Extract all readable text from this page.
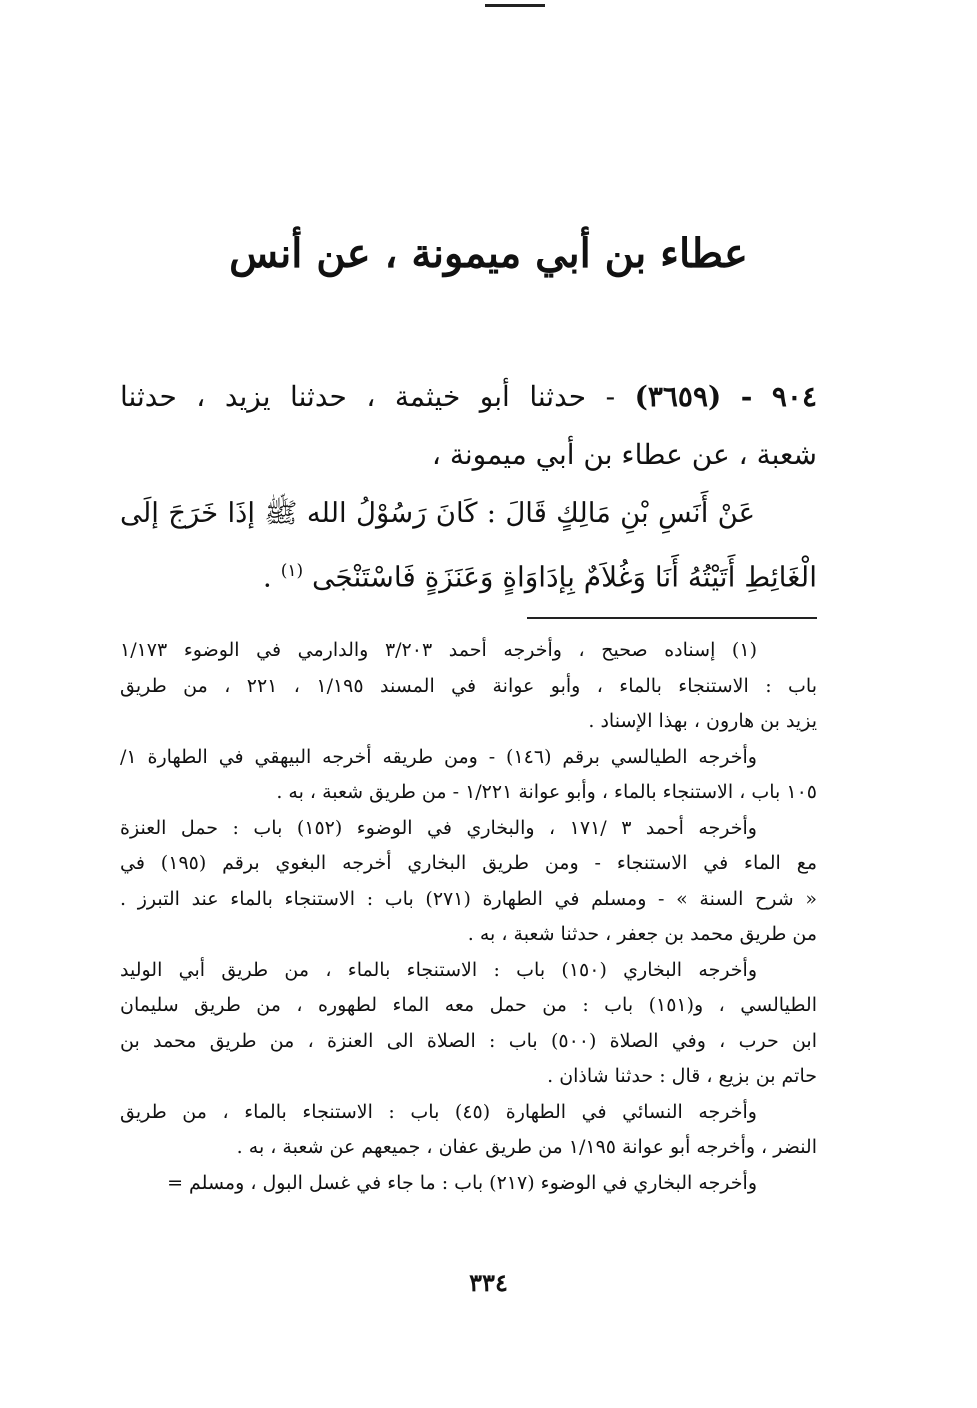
عطاء بن أبي ميمونة ، عن أنس
٩٠٤ - (٣٦٥٩) - حدثنا أبو خيثمة ، حدثنا يزيد ، حدثنا
شعبة ، عن عطاء بن أبي ميمونة ،
عَنْ أَنَسِ بْنِ مَالِكٍ قَالَ : كَانَ رَسُوْلُ الله ﷺ إذَا خَرَجَ إلَى
الْغَائِطِ أَتَيْتُهُ أَنَا وَغُلاَمٌ بِإدَاوَاةٍ وَعَنَزَةٍ فَاسْتَنْجَى $^{(١)}$ .
(١) إسناده صحيح ، وأخرجه أحمد ٣/٢٠٣ والدارمي في الوضوء ١/١٧٣
باب : الاستنجاء بالماء ، وأبو عوانة في المسند ١/١٩٥ ، ٢٢١ ، من طريق
يزيد بن هارون ، بهذا الإسناد .
وأخرجه الطيالسي برقم (١٤٦) - ومن طريقه أخرجه البيهقي في الطهارة ١/
١٠٥ باب ، الاستنجاء بالماء ، وأبو عوانة ١/٢٢١ - من طريق شعبة ، به .
وأخرجه أحمد ٣ /١٧١ ، والبخاري في الوضوء (١٥٢) باب : حمل العنزة
مع الماء في الاستنجاء - ومن طريق البخاري أخرجه البغوي برقم (١٩٥) في
« شرح السنة » - ومسلم في الطهارة (٢٧١) باب : الاستنجاء بالماء عند التبرز .
من طريق محمد بن جعفر ، حدثنا شعبة ، به .
وأخرجه البخاري (١٥٠) باب : الاستنجاء بالماء ، من طريق أبي الوليد
الطيالسي ، و(١٥١) باب : من حمل معه الماء لطهوره ، من طريق سليمان
ابن حرب ، وفي الصلاة (٥٠٠) باب : الصلاة الى العنزة ، من طريق محمد بن
حاتم بن بزيع ، قال : حدثنا شاذان .
وأخرجه النسائي في الطهارة (٤٥) باب : الاستنجاء بالماء ، من طريق
النضر ، وأخرجه أبو عوانة ١/١٩٥ من طريق عفان ، جميعهم عن شعبة ، به .
وأخرجه البخاري في الوضوء (٢١٧) باب : ما جاء في غسل البول ، ومسلم =
٣٣٤
